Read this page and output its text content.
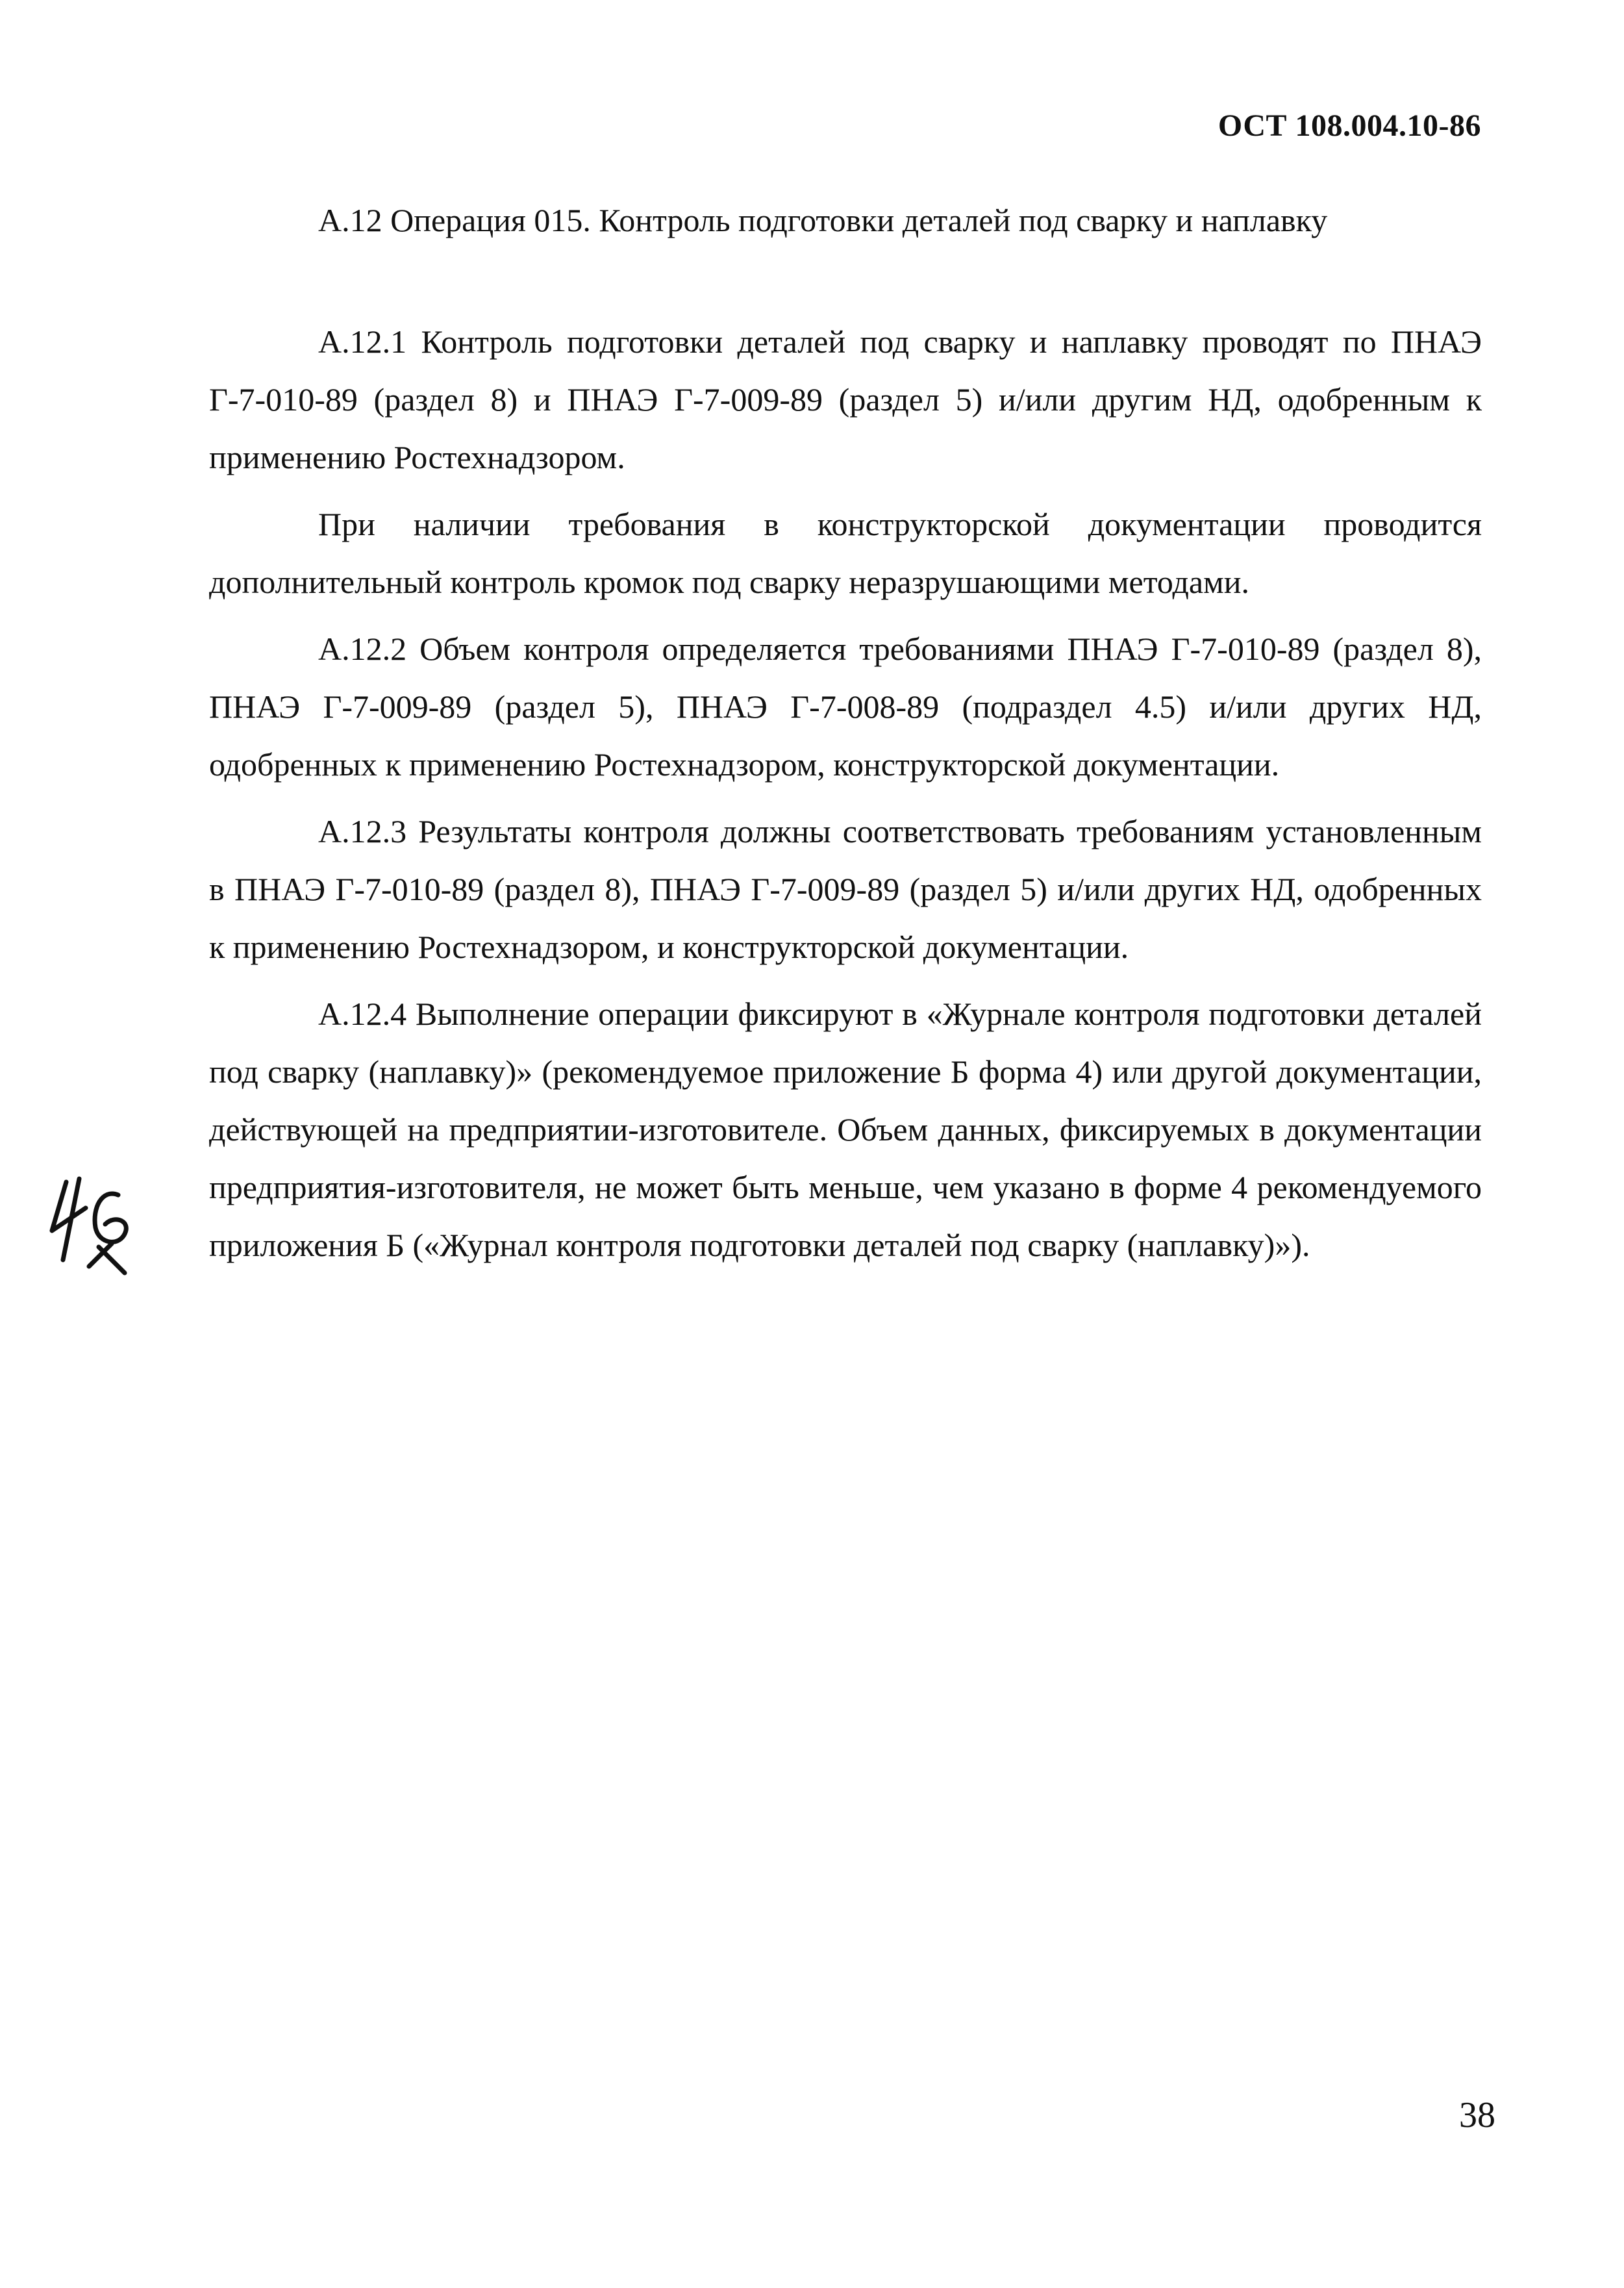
ОСТ 108.004.10-86
А.12 Операция 015. Контроль подготовки деталей под сварку и наплавку

А.12.1 Контроль подготовки деталей под сварку и наплавку проводят по ПНАЭ Г-7-010-89 (раздел 8) и ПНАЭ Г-7-009-89 (раздел 5) и/или другим НД, одобренным к применению Ростехнадзором.

При наличии требования в конструкторской документации проводится дополнительный контроль кромок под сварку неразрушающими методами.

А.12.2 Объем контроля определяется требованиями ПНАЭ Г-7-010-89 (раздел 8), ПНАЭ Г-7-009-89 (раздел 5), ПНАЭ Г-7-008-89 (подраздел 4.5) и/или других НД, одобренных к применению Ростехнадзором, конструкторской документации.

А.12.3 Результаты контроля должны соответствовать требованиям установленным в ПНАЭ Г-7-010-89 (раздел 8), ПНАЭ Г-7-009-89 (раздел 5) и/или других НД, одобренных к применению Ростехнадзором, и конструкторской документации.

А.12.4 Выполнение операции фиксируют в «Журнале контроля подготовки деталей под сварку (наплавку)» (рекомендуемое приложение Б форма 4) или другой документации, действующей на предприятии-изготовителе. Объем данных, фиксируемых в документации предприятия-изготовителя, не может быть меньше, чем указано в форме 4 рекомендуемого приложения Б («Журнал контроля подготовки деталей под сварку (наплавку)»).

38
